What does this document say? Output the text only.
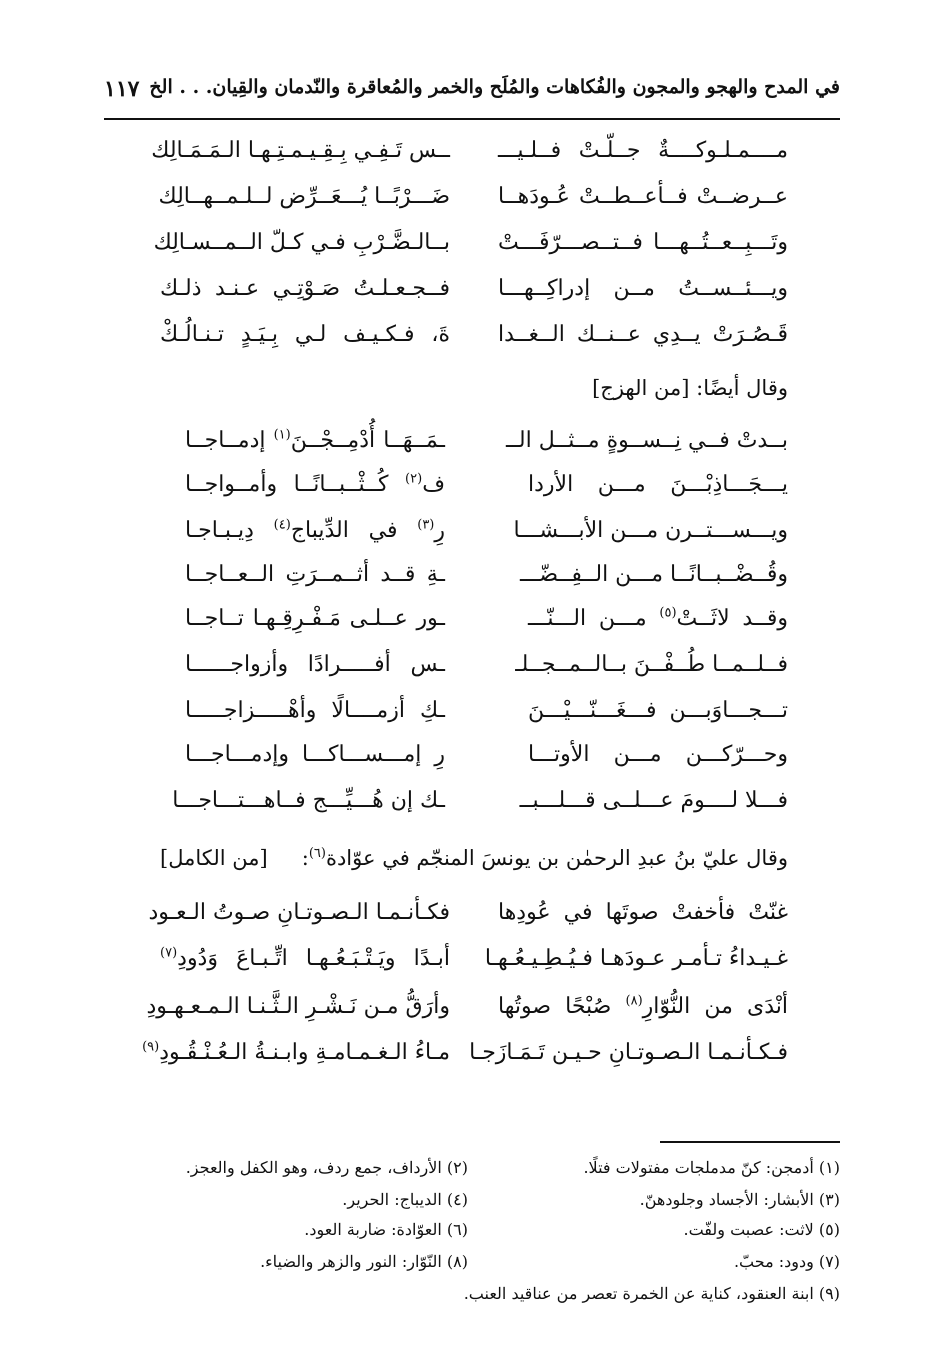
في المدح والهجو والمجون والفُكاهات والمُلَح والخمر والمُعاقرة والنّدمان والقِيان. . . الخ
١١٧
مــــمـلـوكــــةٌ جــلّـتْ فــلـيـــ
ــس تَـفِـي بِـقِـيـمـتِـهـا الـمَـمَـالِك
عــرضــتْ فــأعــطــتْ عُـودَهــا
ضَـــرْبًــا يُـــعَــرِّض لــلـمــهــالِك
وتَـــبِــعــتُــهـــا فــتــصـــرّفَـــتْ
بــالـضَّـرْبِ فـي كـلّ الــمــسـالِك
ويـــئــســتُ مــن إدراكِــهـــا
فــجـعـلـتُ صَـوْتِـي عـنـد ذلـك
قَـصُـرَتْ يــدِي عــنــك الــغــدا
ةَ، فـكـيـف لـي بِـيَـدٍ تـنـالُـكْ
وقال أيضًا: [من الهزج]
بــدتْ فــي نِــســوةٍ مــثــل الــ
ـمَــهَــا أُدْمِــجْــنَ$^{(١)}$ إدمــاجــا
يـــجَـــاذِبْـــنَ مـــن الأردا
ف$^{(٢)}$ كُــثْــبــانًــا وأمــواجــا
ويـــســـتــرن مـــن الأبـــشـــا
رِ$^{(٣)}$ في الدِّيباج$^{(٤)}$ دِيـبـاجـا
وقُــضْــبــانًــا مـــن الــفِــضّـــ
ـةِ قــد أثــمــرَتِ الــعــاجــا
وقــد لاثَــتْ$^{(٥)}$ مـــن الـــنّـــ
ـور عــلـى مَـفْـرِقِـهـا تــاجــا
فــلــمــا طُــفْــنَ بــالــمــجــلـ
ـس أفـــــرادًا وأزواجــــــا
تـــجـــاوَبـــن فـــغَـــنّـــيْـــنَ
ـكِ أزمــــالًا وأهْـــــزاجـــــا
وحـــرّكـــن مـــن الأوتـــا
رِ إمـــســـاكـــا وإدمـــاجـــا
فـــلا لــــومَ عـــلــى قـــلـــبــ
ـك إن هُـــيِّـــج فــاهـــتـــاجـــا
وقال عليّ بنُ عبدِ الرحمٰن بن يونسَ المنجّم في عوّادة$^{(٦)}$:
[من الكامل]
غنّتْ فأخفتْ صوتَها في عُودِها
فكـأنـمـا الـصـوتـانِ صـوتُ الـعـود
غـيـداءُ تـأمـر عـودَهـا فـيُـطِـيـعُـهـا
أبـدًا ويَـتْـبَـعُـهـا اتِّـبـاعَ وَدُودِ$^{(٧)}$
أنْدَى من النُّوّارِ$^{(٨)}$ صُبْحًا صوتُها
وأرَقُّ مـن نَـشْـرِ الـثَّـنـا الـمـعـهـودِ
فـكـأنـمـا الـصـوتـانِ حـيـن تَـمَـازَجـا
مـاءُ الـغـمـامـةِ وابـنـةُ الـعُـنْـقُـودِ$^{(٩)}$
(١) أدمجن: كنّ مدملجات مفتولات فتلًا.
(٢) الأرداف، جمع ردف، وهو الكفل والعجز.
(٣) الأبشار: الأجساد وجلودهنّ.
(٤) الديباج: الحرير.
(٥) لاثت: عصبت ولفّت.
(٦) العوّادة: ضاربة العود.
(٧) ودود: محبّ.
(٨) النّوّار: النور والزهر والضياء.
(٩) ابنة العنقود، كناية عن الخمرة تعصر من عناقيد العنب.
